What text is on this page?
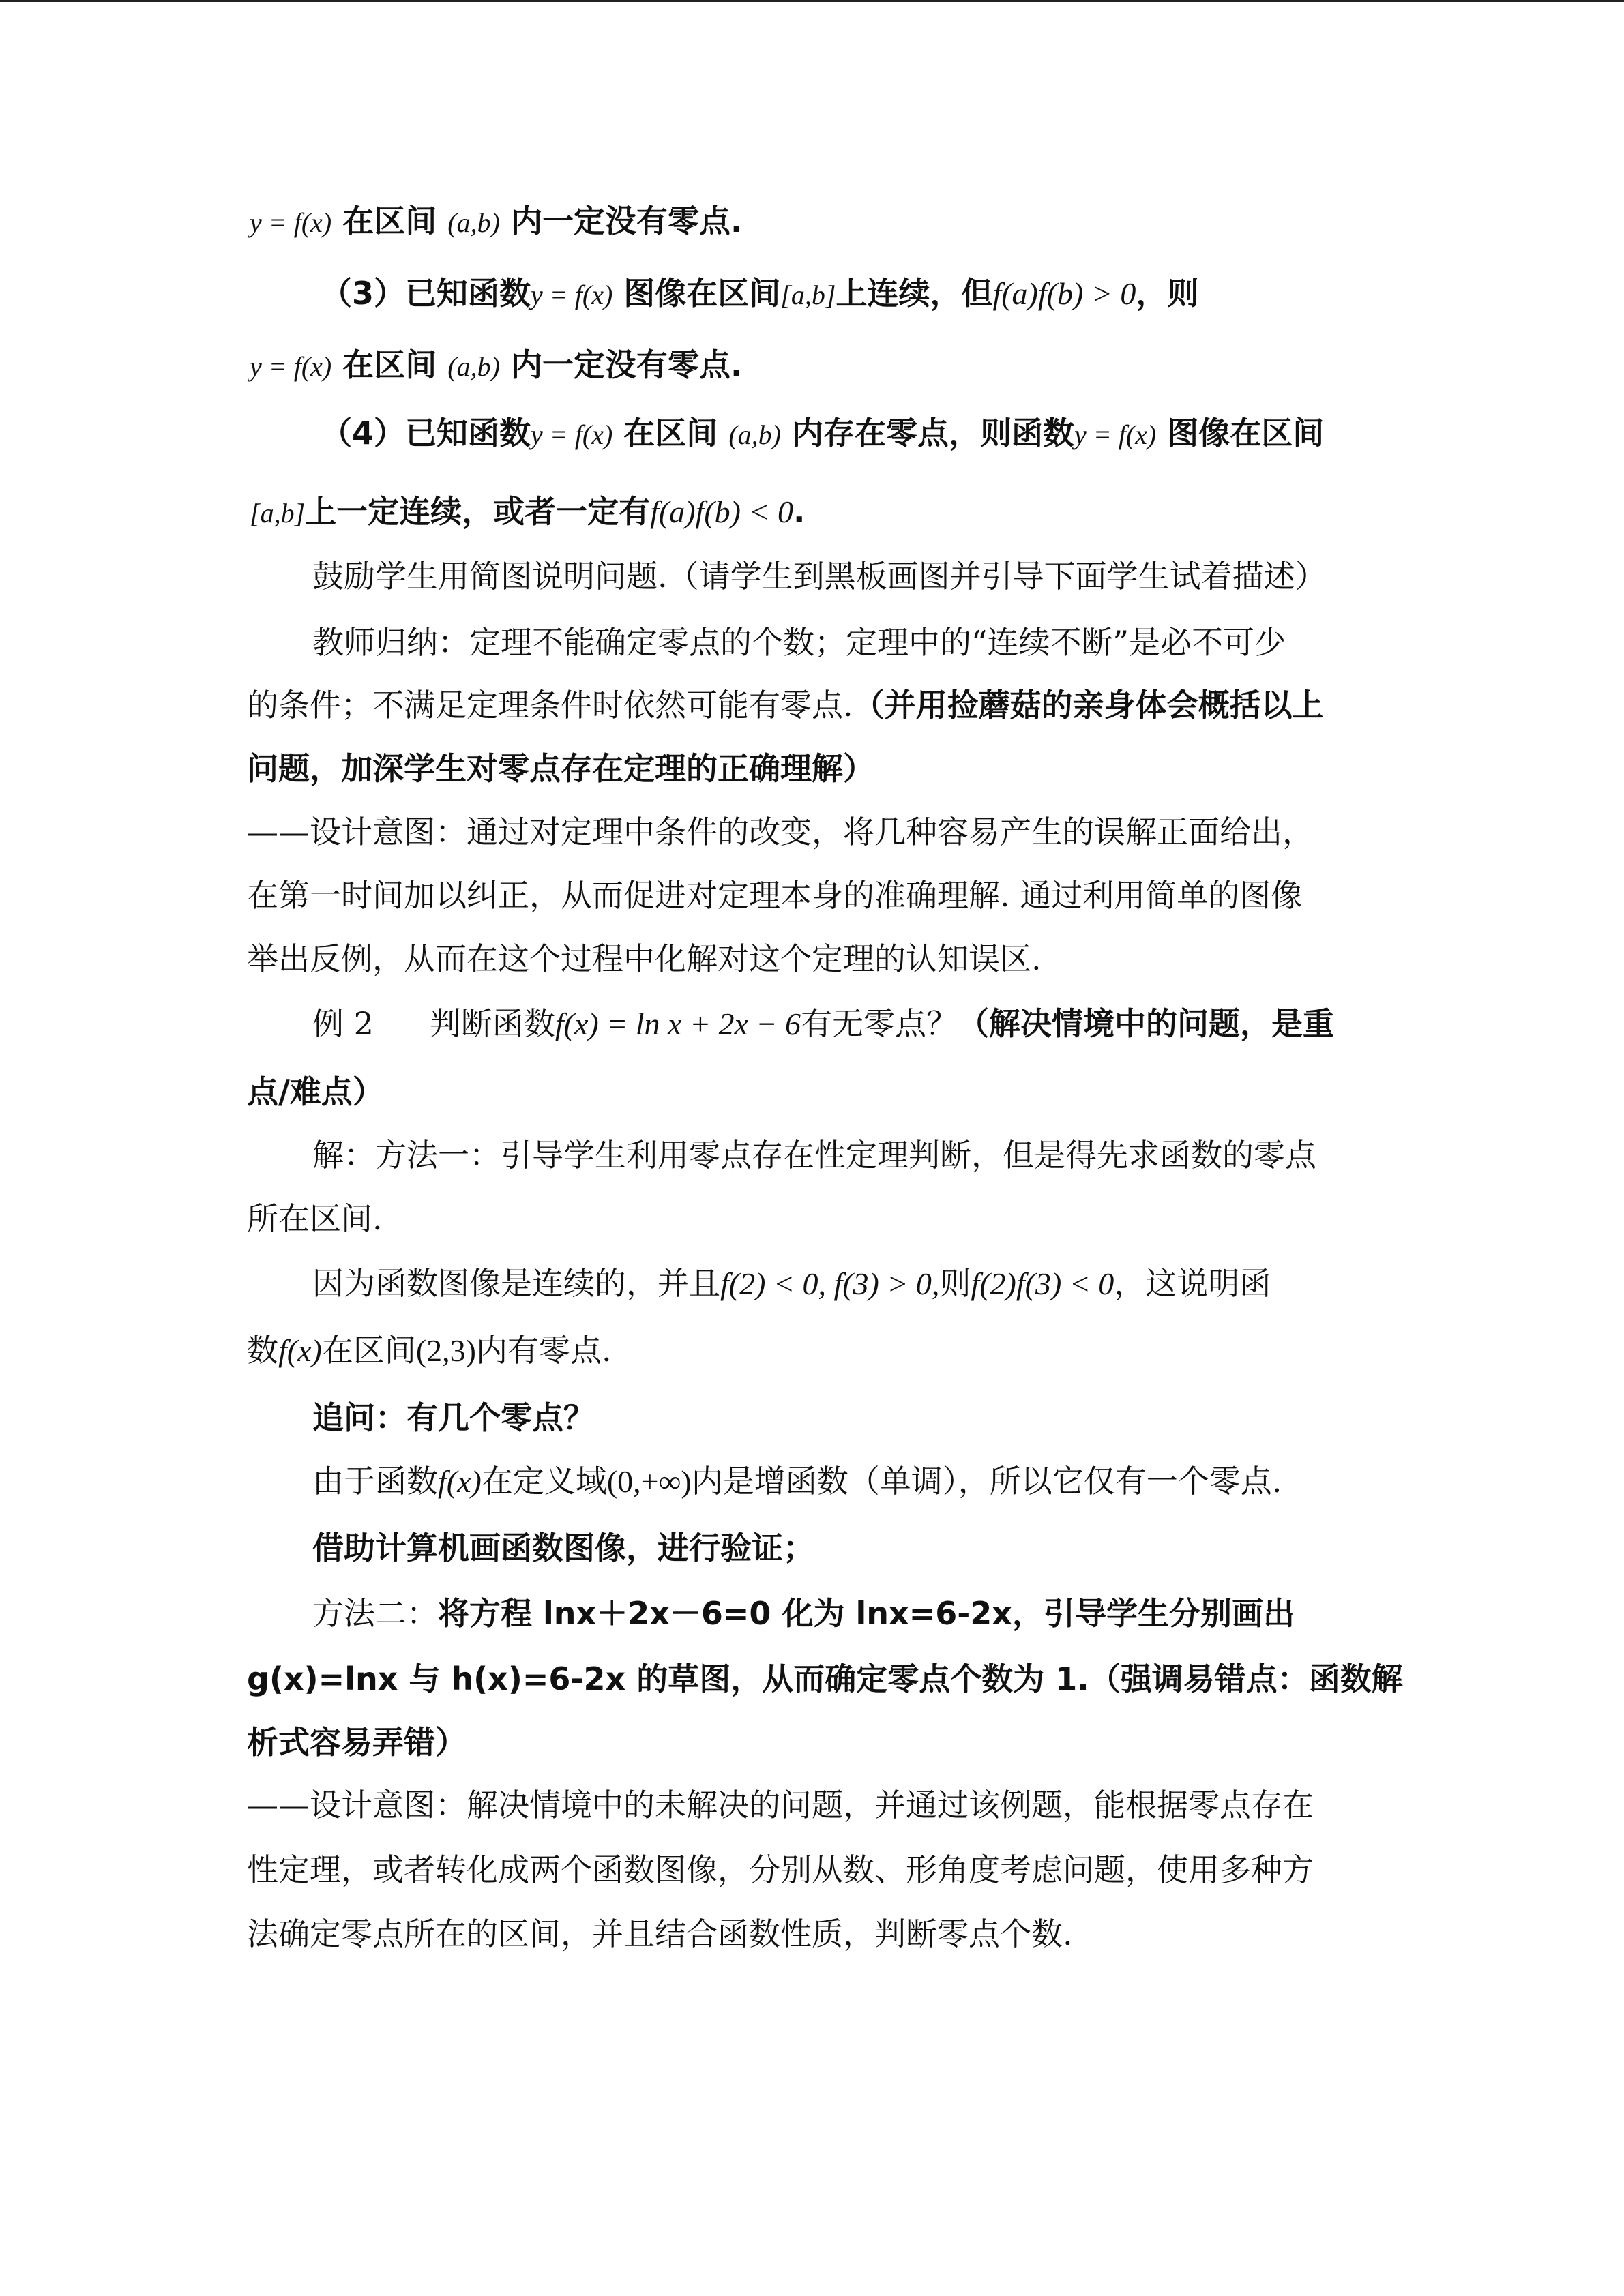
y = f(x) 在区间 (a,b) 内一定没有零点.
（3）已知函数y = f(x) 图像在区间[a,b]上连续，但f(a)f(b) > 0，则
y = f(x) 在区间 (a,b) 内一定没有零点.
（4）已知函数y = f(x) 在区间 (a,b) 内存在零点，则函数y = f(x) 图像在区间
[a,b]上一定连续，或者一定有f(a)f(b) < 0.
鼓励学生用简图说明问题.（请学生到黑板画图并引导下面学生试着描述）
教师归纳：定理不能确定零点的个数；定理中的“连续不断”是必不可少
的条件；不满足定理条件时依然可能有零点.（并用捡蘑菇的亲身体会概括以上
问题，加深学生对零点存在定理的正确理解）
——设计意图：通过对定理中条件的改变，将几种容易产生的误解正面给出，
在第一时间加以纠正，从而促进对定理本身的准确理解. 通过利用简单的图像
举出反例，从而在这个过程中化解对这个定理的认知误区.
例 2 判断函数f(x) = ln x + 2x − 6有无零点？（解决情境中的问题，是重
点/难点）
解：方法一：引导学生利用零点存在性定理判断，但是得先求函数的零点
所在区间.
因为函数图像是连续的，并且f(2) < 0, f(3) > 0,则f(2)f(3) < 0，这说明函
数f(x)在区间(2,3)内有零点.
追问：有几个零点？
由于函数f(x)在定义域(0,+∞)内是增函数（单调），所以它仅有一个零点.
借助计算机画函数图像，进行验证；
方法二：将方程 lnx＋2x－6=0 化为 lnx=6-2x，引导学生分别画出
g(x)=lnx 与 h(x)=6-2x 的草图，从而确定零点个数为 1.（强调易错点：函数解
析式容易弄错）
——设计意图：解决情境中的未解决的问题，并通过该例题，能根据零点存在
性定理，或者转化成两个函数图像，分别从数、形角度考虑问题，使用多种方
法确定零点所在的区间，并且结合函数性质，判断零点个数.
